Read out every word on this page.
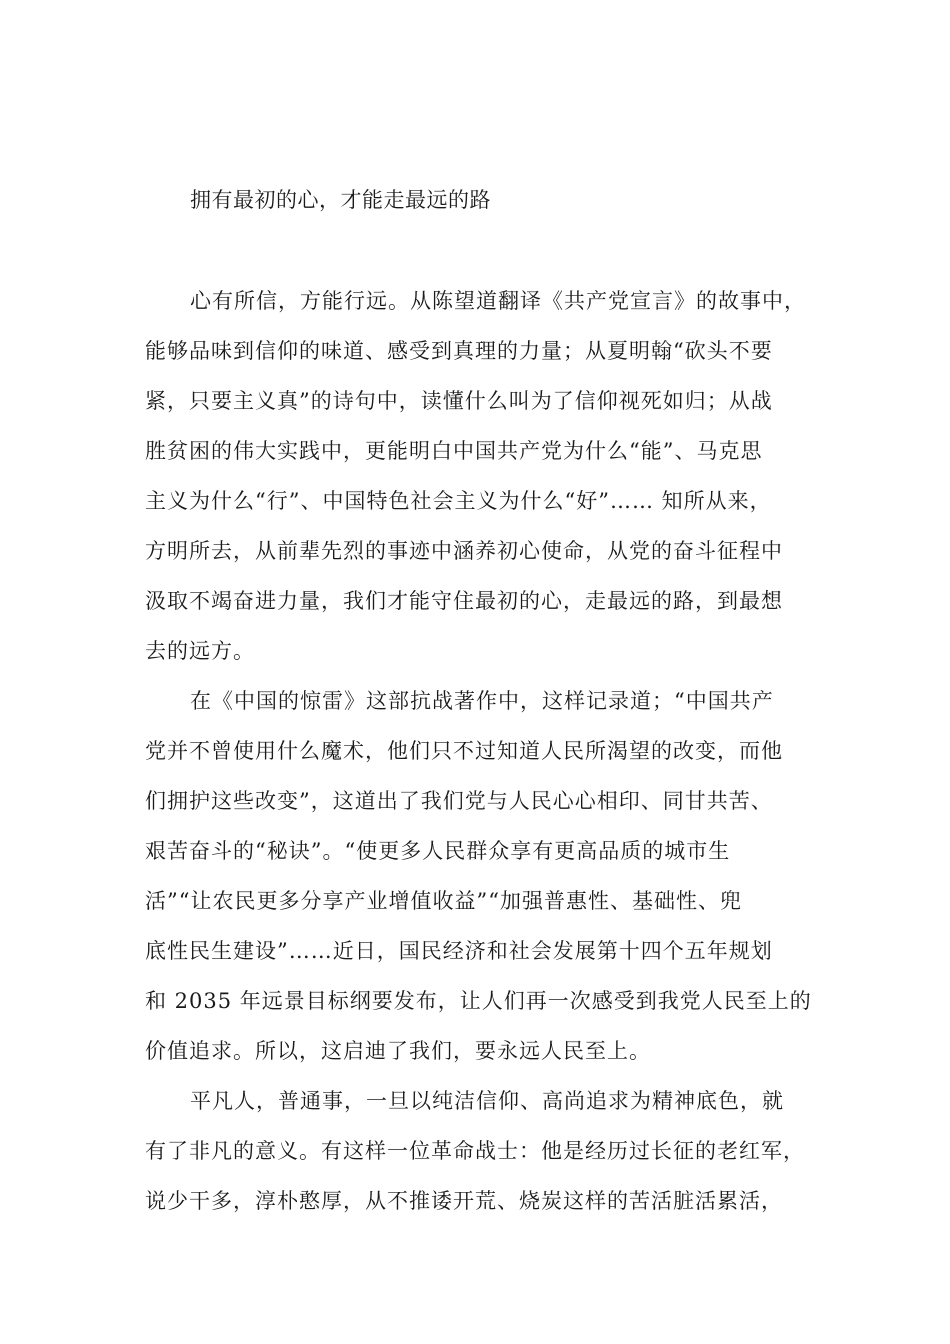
拥有最初的心，才能走最远的路
心有所信，方能行远。从陈望道翻译《共产党宣言》的故事中，
能够品味到信仰的味道、感受到真理的力量；从夏明翰“砍头不要
紧，只要主义真”的诗句中，读懂什么叫为了信仰视死如归；从战
胜贫困的伟大实践中，更能明白中国共产党为什么“能”、马克思
主义为什么“行”、中国特色社会主义为什么“好”…… 知所从来，
方明所去，从前辈先烈的事迹中涵养初心使命，从党的奋斗征程中
汲取不竭奋进力量，我们才能守住最初的心，走最远的路，到最想
去的远方。
在《中国的惊雷》这部抗战著作中，这样记录道；“中国共产
党并不曾使用什么魔术，他们只不过知道人民所渴望的改变，而他
们拥护这些改变”，这道出了我们党与人民心心相印、同甘共苦、
艰苦奋斗的“秘诀”。“使更多人民群众享有更高品质的城市生
活”“让农民更多分享产业增值收益”“加强普惠性、基础性、兜
底性民生建设”……近日，国民经济和社会发展第十四个五年规划
和 2035 年远景目标纲要发布，让人们再一次感受到我党人民至上的
价值追求。所以，这启迪了我们，要永远人民至上。
平凡人，普通事，一旦以纯洁信仰、高尚追求为精神底色，就
有了非凡的意义。有这样一位革命战士：他是经历过长征的老红军，
说少干多，淳朴憨厚，从不推诿开荒、烧炭这样的苦活脏活累活，
